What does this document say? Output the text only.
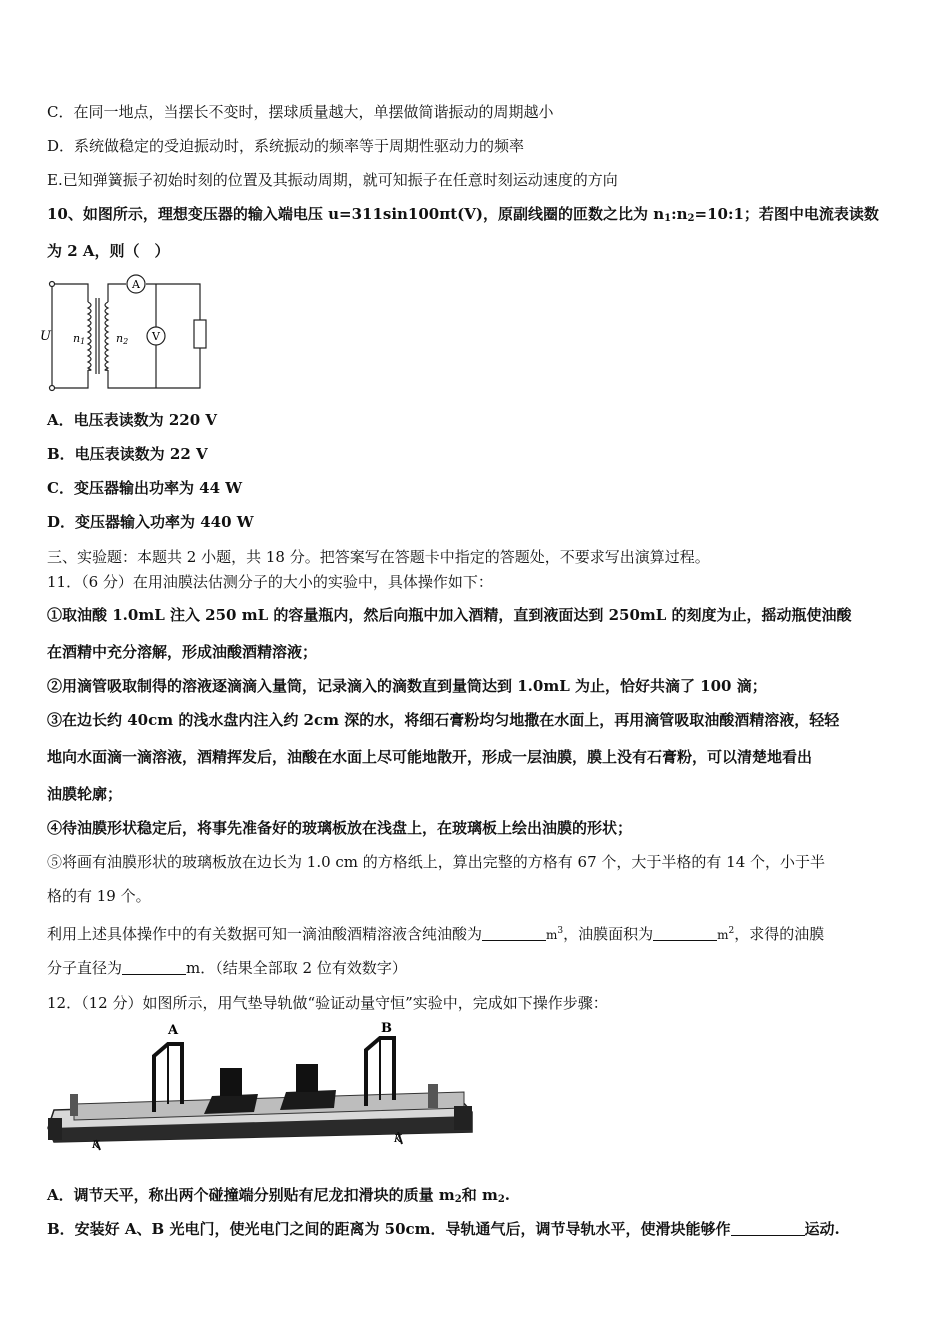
C．在同一地点，当摆长不变时，摆球质量越大，单摆做简谐振动的周期越小
D．系统做稳定的受迫振动时，系统振动的频率等于周期性驱动力的频率
E.已知弹簧振子初始时刻的位置及其振动周期，就可知振子在任意时刻运动速度的方向
10、如图所示，理想变压器的输入端电压 u=311sin100πt(V)，原副线圈的匝数之比为 $n_1:n_2=10:1$；若图中电流表读数
为 2 A，则（　）
A
V
U n1	n2
A．电压表读数为 220 V
B．电压表读数为 22 V
C．变压器输出功率为 44 W
D．变压器输入功率为 440 W
三、实验题：本题共 2 小题，共 18 分。把答案写在答题卡中指定的答题处，不要求写出演算过程。
11．（6 分）在用油膜法估测分子的大小的实验中，具体操作如下：
①取油酸 1.0mL 注入 250 mL 的容量瓶内，然后向瓶中加入酒精，直到液面达到 250mL 的刻度为止，摇动瓶使油酸
在酒精中充分溶解，形成油酸酒精溶液；
②用滴管吸取制得的溶液逐滴滴入量筒，记录滴入的滴数直到量筒达到 1.0mL 为止，恰好共滴了 100 滴；
③在边长约 40cm 的浅水盘内注入约 2cm 深的水，将细石膏粉均匀地撒在水面上，再用滴管吸取油酸酒精溶液，轻轻
地向水面滴一滴溶液，酒精挥发后，油酸在水面上尽可能地散开，形成一层油膜，膜上没有石膏粉，可以清楚地看出
油膜轮廓；
④待油膜形状稳定后，将事先准备好的玻璃板放在浅盘上，在玻璃板上绘出油膜的形状；
⑤将画有油膜形状的玻璃板放在边长为 1.0 cm 的方格纸上，算出完整的方格有 67 个，大于半格的有 14 个，小于半
格的有 19 个。
利用上述具体操作中的有关数据可知一滴油酸酒精溶液含纯油酸为	$m^3$，油膜面积为	$m^2$，求得的油膜
分子直径为	m．（结果全部取 2 位有效数字）
12．（12 分）如图所示，用气垫导轨做“验证动量守恒”实验中，完成如下操作步骤：
A	B
K
K
A．调节天平，称出两个碰撞端分别贴有尼龙扣滑块的质量 $m_2$和 $m_2$.
B．安装好 A、B 光电门，使光电门之间的距离为 50cm．导轨通气后，调节导轨水平，使滑块能够作	运动.
